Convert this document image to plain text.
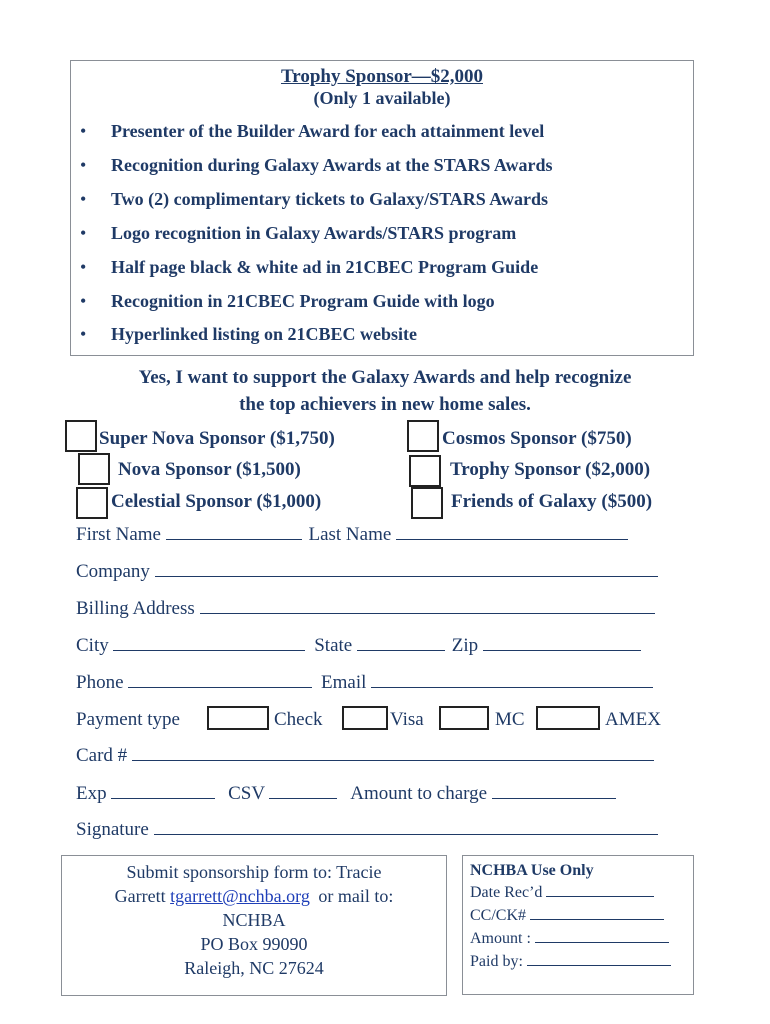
Trophy Sponsor—$2,000
(Only 1 available)
• Presenter of the Builder Award for each attainment level
• Recognition during Galaxy Awards at the STARS Awards
• Two (2) complimentary tickets to Galaxy/STARS Awards
• Logo recognition in Galaxy Awards/STARS program
• Half page black & white ad in 21CBEC Program Guide
• Recognition in 21CBEC Program Guide with logo
• Hyperlinked listing on 21CBEC website
Yes, I want to support the Galaxy Awards and help recognize
the top achievers in new home sales.
Super Nova Sponsor ($1,750)	Cosmos Sponsor ($750)
Nova Sponsor ($1,500)	Trophy Sponsor ($2,000)
Celestial Sponsor ($1,000)	Friends of Galaxy ($500)
First Name	Last Name
Company
Billing Address
City	State	Zip
Phone	Email
Payment type	Check	Visa	MC	AMEX
Card #
Exp	CSV	Amount to charge
Signature
Submit sponsorship form to: Tracie
Garrett tgarrett@nchba.org or mail to:
NCHBA
PO Box 99090
Raleigh, NC 27624
NCHBA Use Only
Date Rec’d
CC/CK#
Amount :
Paid by:
